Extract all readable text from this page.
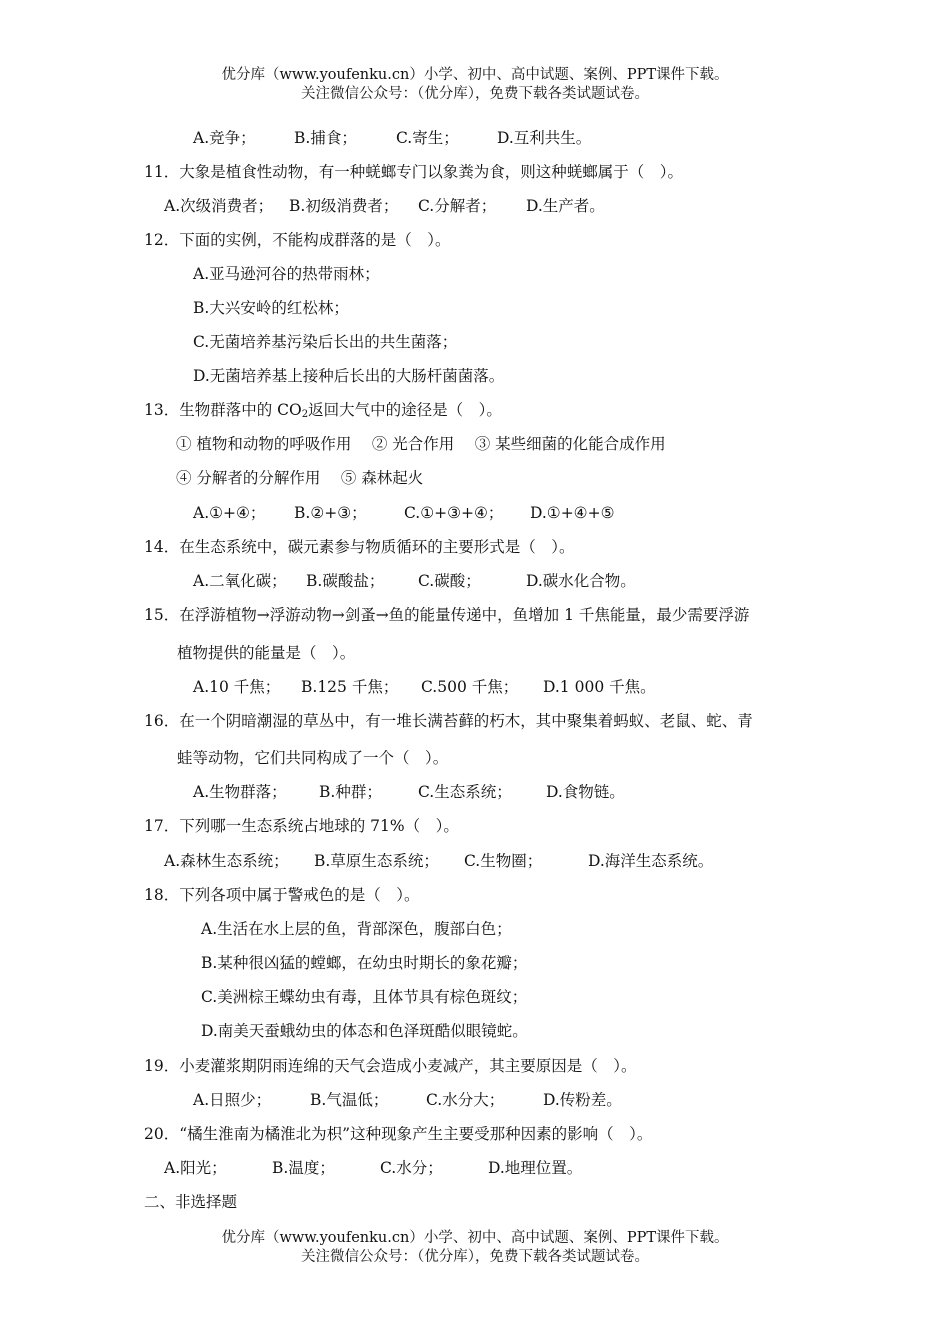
优分库（www.youfenku.cn）小学、初中、高中试题、案例、PPT课件下载。
关注微信公众号：（优分库），免费下载各类试题试卷。
A.竞争； B.捕食；	C.寄生； D.互利共生。
11．大象是植食性动物，有一种蜣螂专门以象粪为食，则这种蜣螂属于（　）。
A.次级消费者； B.初级消费者； C.分解者； D.生产者。
12．下面的实例，不能构成群落的是（　）。
A.亚马逊河谷的热带雨林；
B.大兴安岭的红松林；
C.无菌培养基污染后长出的共生菌落；
D.无菌培养基上接种后长出的大肠杆菌菌落。
13．生物群落中的 $CO_2$返回大气中的途径是（　）。
① 植物和动物的呼吸作用　 ② 光合作用　 ③ 某些细菌的化能合成作用
④ 分解者的分解作用　 ⑤ 森林起火
A.①+④； B.②+③； C.①+③+④； D.①+④+⑤
14．在生态系统中，碳元素参与物质循环的主要形式是（　）。
A.二氧化碳； B.碳酸盐； C.碳酸；	D.碳水化合物。
15．在浮游植物→浮游动物→剑蚤→鱼的能量传递中，鱼增加 1 千焦能量，最少需要浮游
植物提供的能量是（　）。
A.10 千焦； B.125 千焦； C.500 千焦； D.1 000 千焦。
16．在一个阴暗潮湿的草丛中，有一堆长满苔藓的朽木，其中聚集着蚂蚁、老鼠、蛇、青
蛙等动物，它们共同构成了一个（　）。
A.生物群落； B.种群； C.生态系统； D.食物链。
17．下列哪一生态系统占地球的 71%（　）。
A.森林生态系统； B.草原生态系统； C.生物圈；	D.海洋生态系统。
18．下列各项中属于警戒色的是（　）。
A.生活在水上层的鱼，背部深色，腹部白色；
B.某种很凶猛的螳螂，在幼虫时期长的象花瓣；
C.美洲棕王蝶幼虫有毒，且体节具有棕色斑纹；
D.南美天蚕蛾幼虫的体态和色泽斑酷似眼镜蛇。
19．小麦灌浆期阴雨连绵的天气会造成小麦减产，其主要原因是（　）。
A.日照少；	B.气温低； C.水分大；	D.传粉差。
20．“橘生淮南为橘淮北为枳”这种现象产生主要受那种因素的影响（　）。
A.阳光；	B.温度；	C.水分；	D.地理位置。
二、非选择题
优分库（www.youfenku.cn）小学、初中、高中试题、案例、PPT课件下载。
关注微信公众号：（优分库），免费下载各类试题试卷。
